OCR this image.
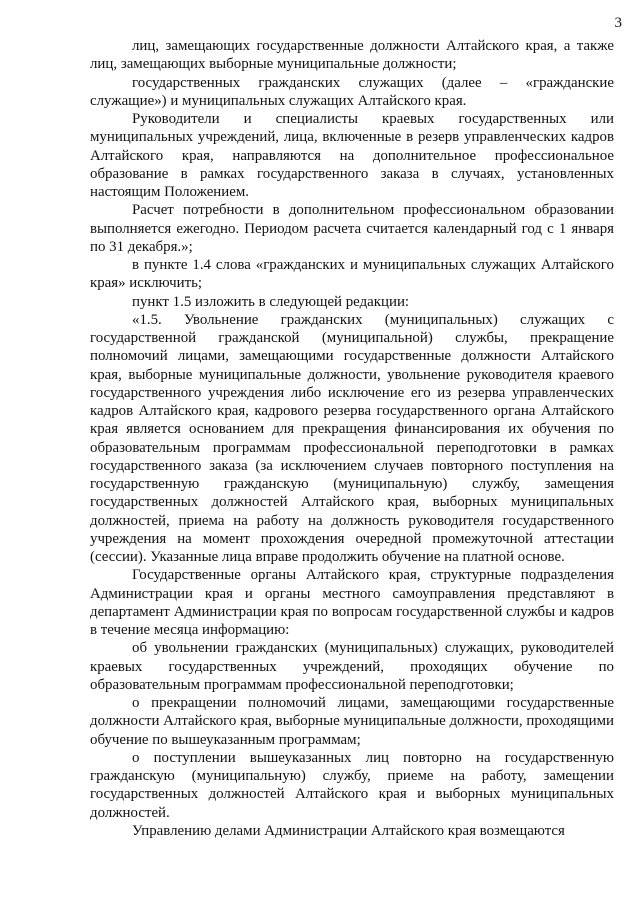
3

лиц, замещающих государственные должности Алтайского края, а также лиц, замещающих выборные муниципальные должности;

государственных гражданских служащих (далее – «гражданские служащие») и муниципальных служащих Алтайского края.

Руководители и специалисты краевых государственных или муниципальных учреждений, лица, включенные в резерв управленческих кадров Алтайского края, направляются на дополнительное профессиональное образование в рамках государственного заказа в случаях, установленных настоящим Положением.

Расчет потребности в дополнительном профессиональном образовании выполняется ежегодно. Периодом расчета считается календарный год с 1 января по 31 декабря.»;

в пункте 1.4 слова «гражданских и муниципальных служащих Алтайского края» исключить;

пункт 1.5 изложить в следующей редакции:

«1.5. Увольнение гражданских (муниципальных) служащих с государственной гражданской (муниципальной) службы, прекращение полномочий лицами, замещающими государственные должности Алтайского края, выборные муниципальные должности, увольнение руководителя краевого государственного учреждения либо исключение его из резерва управленческих кадров Алтайского края, кадрового резерва государственного органа Алтайского края является основанием для прекращения финансирования их обучения по образовательным программам профессиональной переподготовки в рамках государственного заказа (за исключением случаев повторного поступления на государственную гражданскую (муниципальную) службу, замещения государственных должностей Алтайского края, выборных муниципальных должностей, приема на работу на должность руководителя государственного учреждения на момент прохождения очередной промежуточной аттестации (сессии). Указанные лица вправе продолжить обучение на платной основе.

Государственные органы Алтайского края, структурные подразделения Администрации края и органы местного самоуправления представляют в департамент Администрации края по вопросам государственной службы и кадров в течение месяца информацию:

об увольнении гражданских (муниципальных) служащих, руководителей краевых государственных учреждений, проходящих обучение по образовательным программам профессиональной переподготовки;

о прекращении полномочий лицами, замещающими государственные должности Алтайского края, выборные муниципальные должности, проходящими обучение по вышеуказанным программам;

о поступлении вышеуказанных лиц повторно на государственную гражданскую (муниципальную) службу, приеме на работу, замещении государственных должностей Алтайского края и выборных муниципальных должностей.

Управлению делами Администрации Алтайского края возмещаются
